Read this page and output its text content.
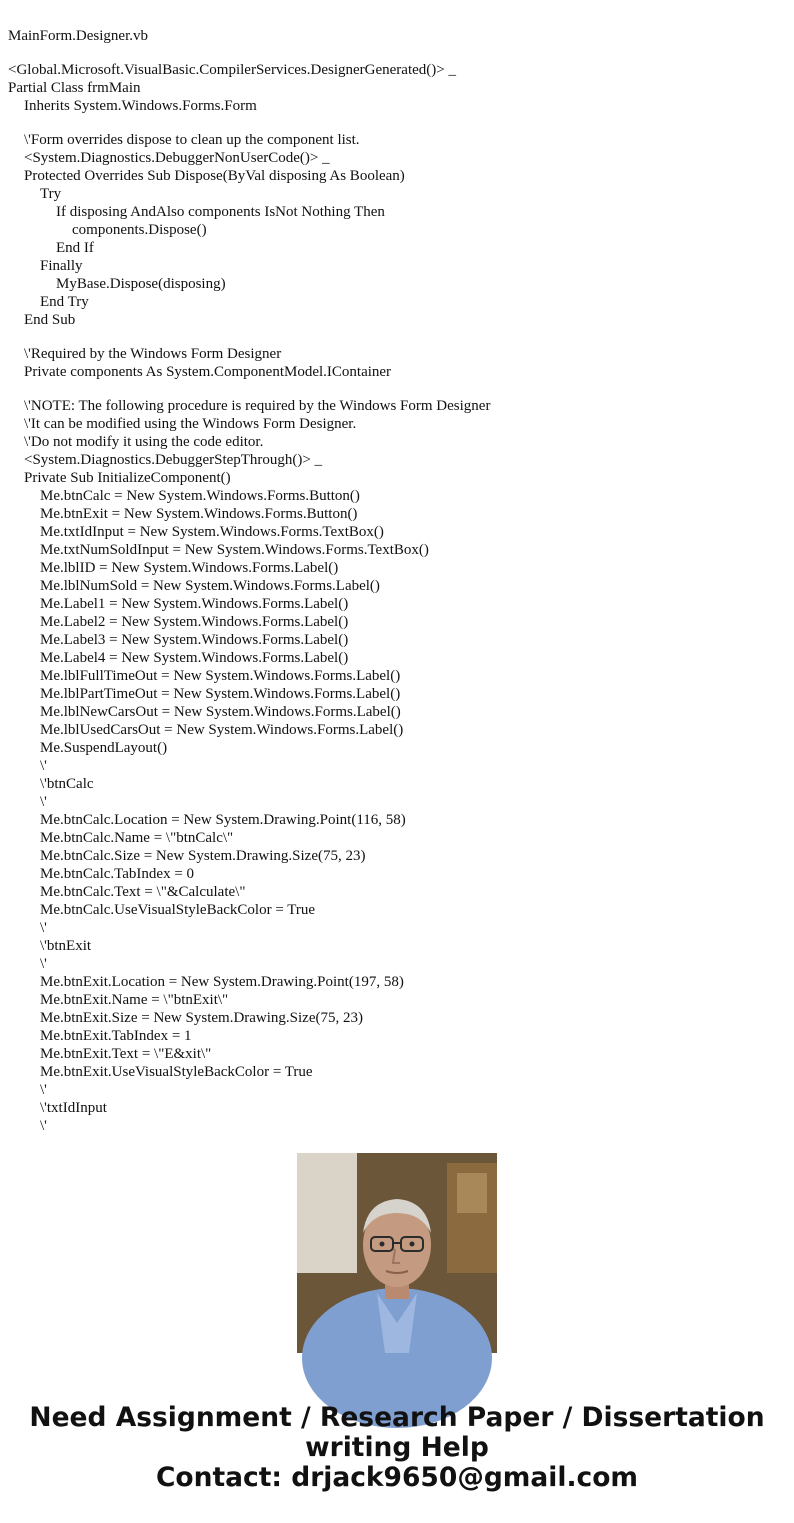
MainForm.Designer.vb
<Global.Microsoft.VisualBasic.CompilerServices.DesignerGenerated()> _
Partial Class frmMain
Inherits System.Windows.Forms.Form
\'Form overrides dispose to clean up the component list.
<System.Diagnostics.DebuggerNonUserCode()> _
Protected Overrides Sub Dispose(ByVal disposing As Boolean)
Try
If disposing AndAlso components IsNot Nothing Then
components.Dispose()
End If
Finally
MyBase.Dispose(disposing)
End Try
End Sub
\'Required by the Windows Form Designer
Private components As System.ComponentModel.IContainer
\'NOTE: The following procedure is required by the Windows Form Designer
\'It can be modified using the Windows Form Designer.
\'Do not modify it using the code editor.
<System.Diagnostics.DebuggerStepThrough()> _
Private Sub InitializeComponent()
Me.btnCalc = New System.Windows.Forms.Button()
Me.btnExit = New System.Windows.Forms.Button()
Me.txtIdInput = New System.Windows.Forms.TextBox()
Me.txtNumSoldInput = New System.Windows.Forms.TextBox()
Me.lblID = New System.Windows.Forms.Label()
Me.lblNumSold = New System.Windows.Forms.Label()
Me.Label1 = New System.Windows.Forms.Label()
Me.Label2 = New System.Windows.Forms.Label()
Me.Label3 = New System.Windows.Forms.Label()
Me.Label4 = New System.Windows.Forms.Label()
Me.lblFullTimeOut = New System.Windows.Forms.Label()
Me.lblPartTimeOut = New System.Windows.Forms.Label()
Me.lblNewCarsOut = New System.Windows.Forms.Label()
Me.lblUsedCarsOut = New System.Windows.Forms.Label()
Me.SuspendLayout()
\'
\'btnCalc
\'
Me.btnCalc.Location = New System.Drawing.Point(116, 58)
Me.btnCalc.Name = \"btnCalc\"
Me.btnCalc.Size = New System.Drawing.Size(75, 23)
Me.btnCalc.TabIndex = 0
Me.btnCalc.Text = \"&Calculate\"
Me.btnCalc.UseVisualStyleBackColor = True
\'
\'btnExit
\'
Me.btnExit.Location = New System.Drawing.Point(197, 58)
Me.btnExit.Name = \"btnExit\"
Me.btnExit.Size = New System.Drawing.Size(75, 23)
Me.btnExit.TabIndex = 1
Me.btnExit.Text = \"E&xit\"
Me.btnExit.UseVisualStyleBackColor = True
\'
\'txtIdInput
\'
Need Assignment / Research Paper / Dissertation
writing Help
Contact: drjack9650@gmail.com
